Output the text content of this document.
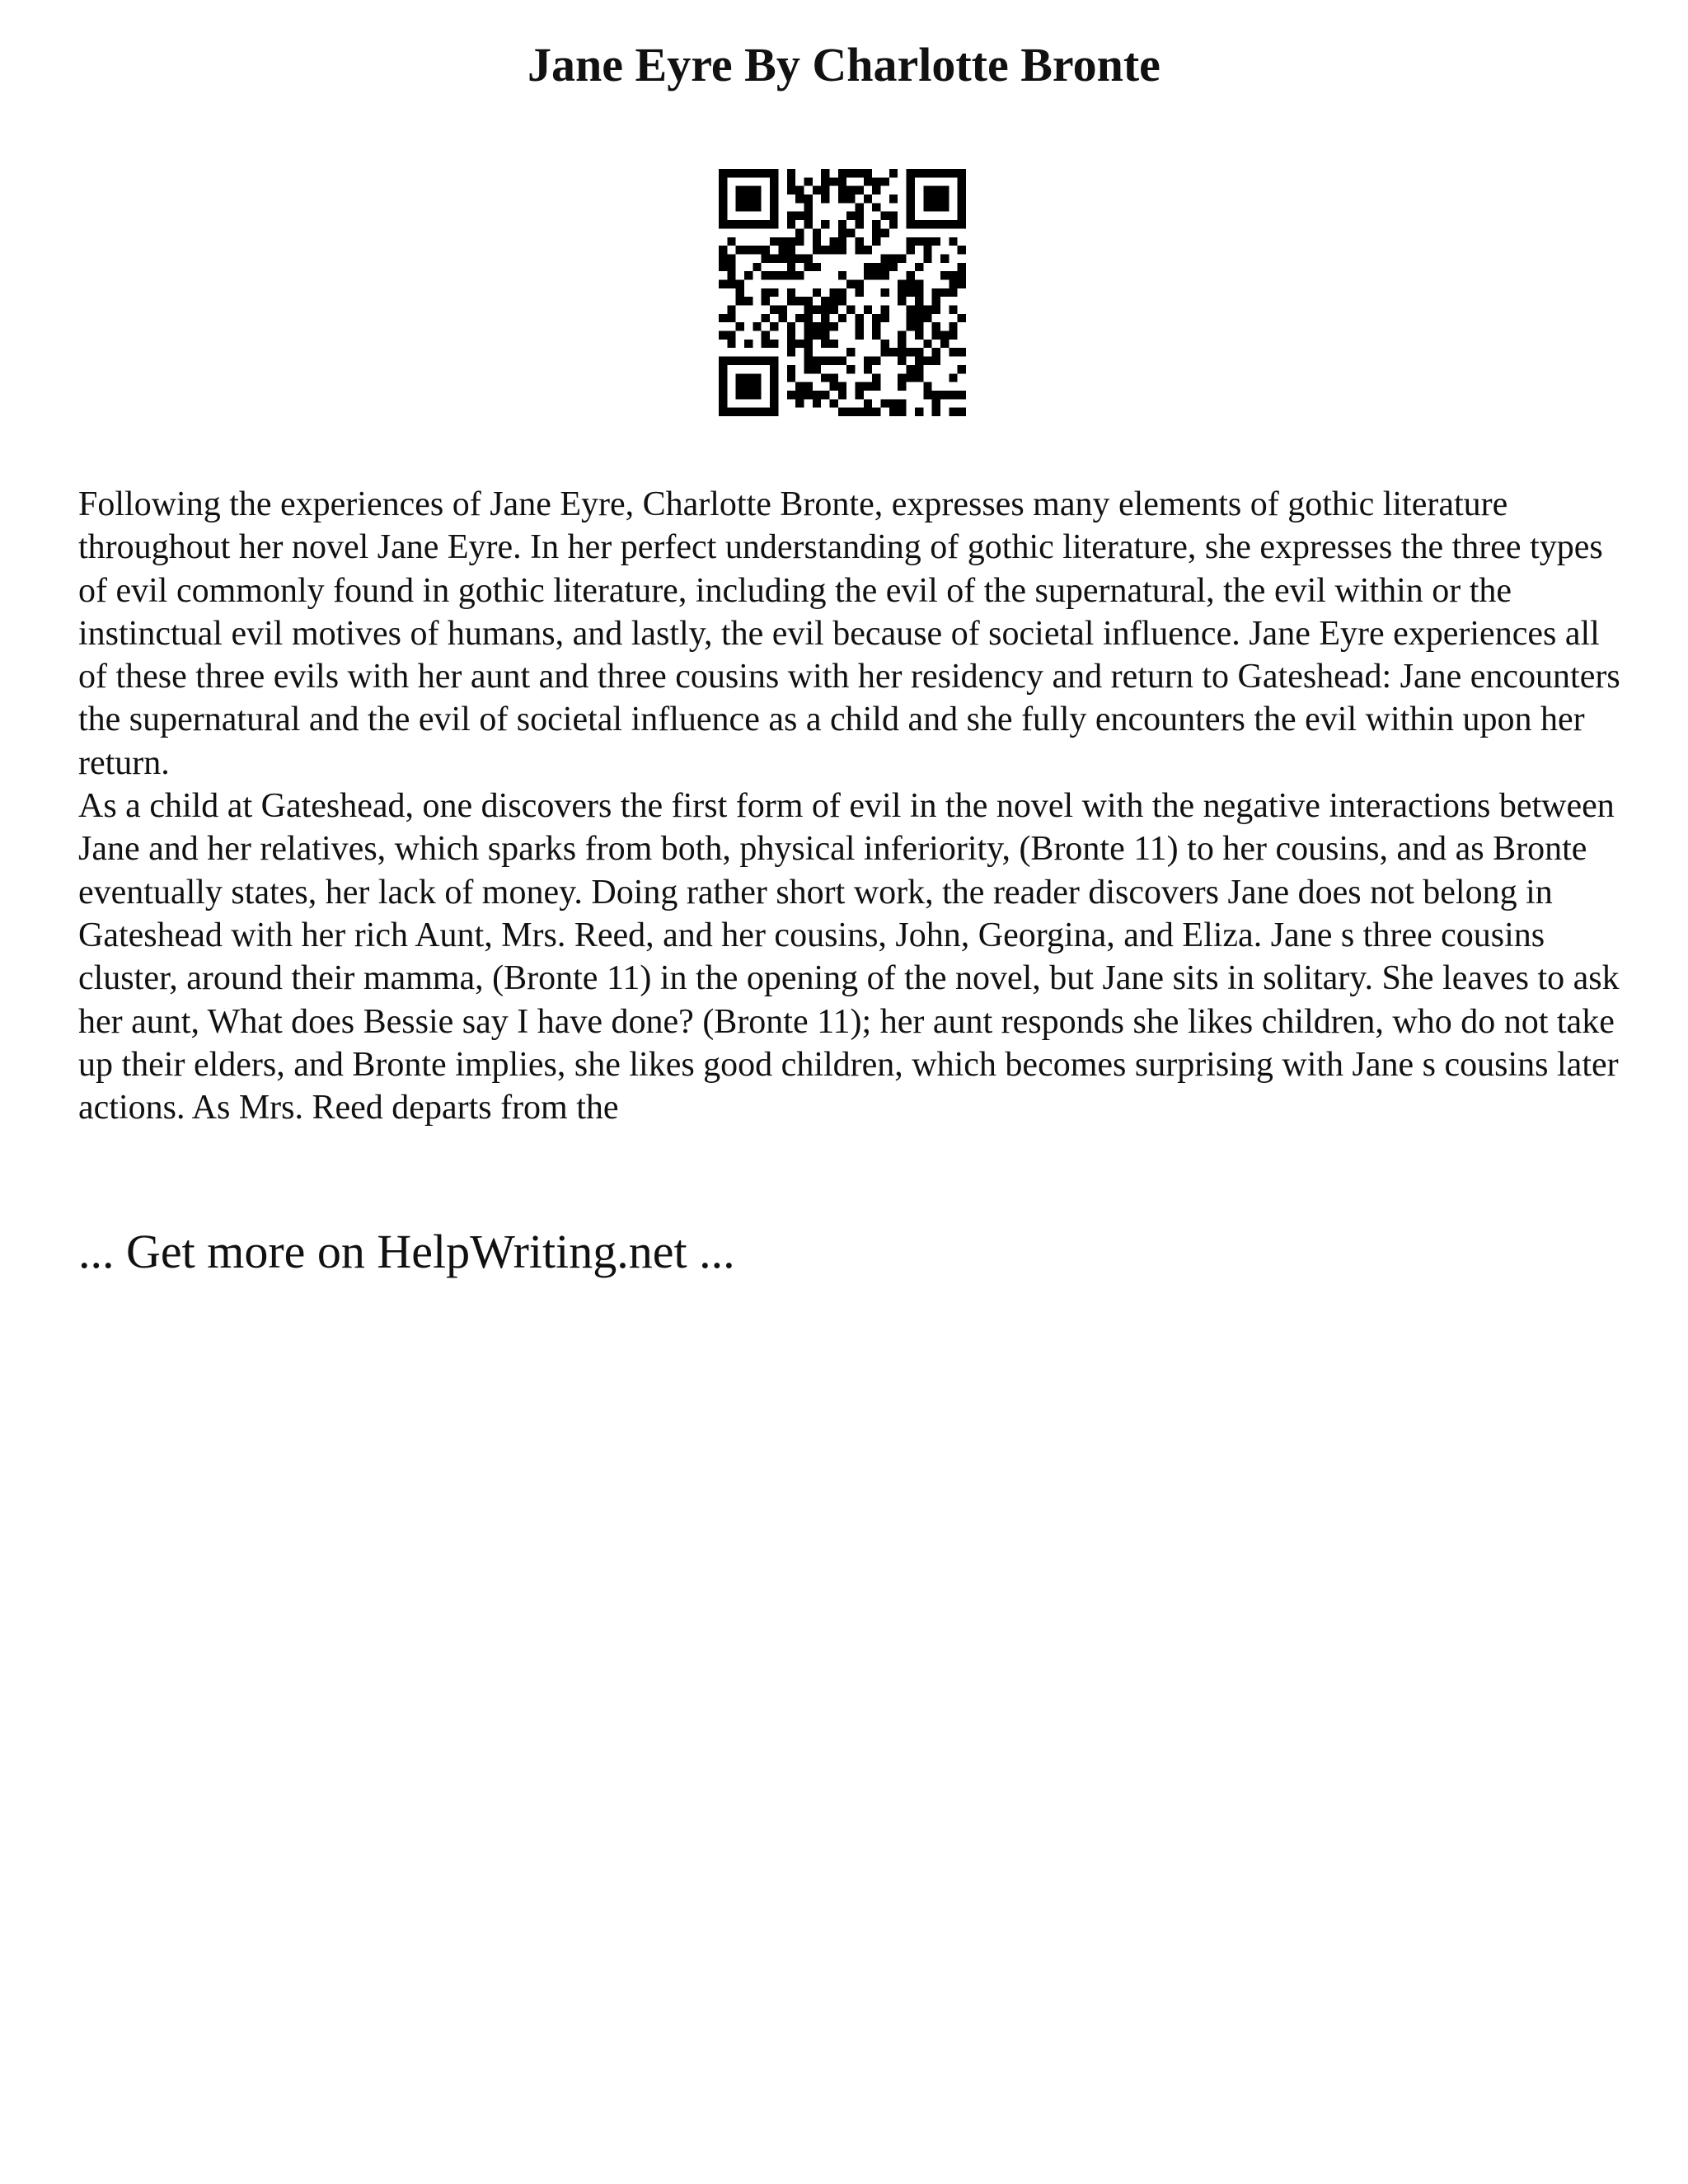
Jane Eyre By Charlotte Bronte

Following the experiences of Jane Eyre, Charlotte Bronte, expresses many elements of gothic literature throughout her novel Jane Eyre. In her perfect understanding of gothic literature, she expresses the three types of evil commonly found in gothic literature, including the evil of the supernatural, the evil within or the instinctual evil motives of humans, and lastly, the evil because of societal influence. Jane Eyre experiences all of these three evils with her aunt and three cousins with her residency and return to Gateshead: Jane encounters the supernatural and the evil of societal influence as a child and she fully encounters the evil within upon her return.

As a child at Gateshead, one discovers the first form of evil in the novel with the negative interactions between Jane and her relatives, which sparks from both, physical inferiority, (Bronte 11) to her cousins, and as Bronte eventually states, her lack of money. Doing rather short work, the reader discovers Jane does not belong in Gateshead with her rich Aunt, Mrs. Reed, and her cousins, John, Georgina, and Eliza. Jane s three cousins cluster, around their mamma, (Bronte 11) in the opening of the novel, but Jane sits in solitary. She leaves to ask her aunt, What does Bessie say I have done? (Bronte 11); her aunt responds she likes children, who do not take up their elders, and Bronte implies, she likes good children, which becomes surprising with Jane s cousins later actions. As Mrs. Reed departs from the

... Get more on HelpWriting.net ...
